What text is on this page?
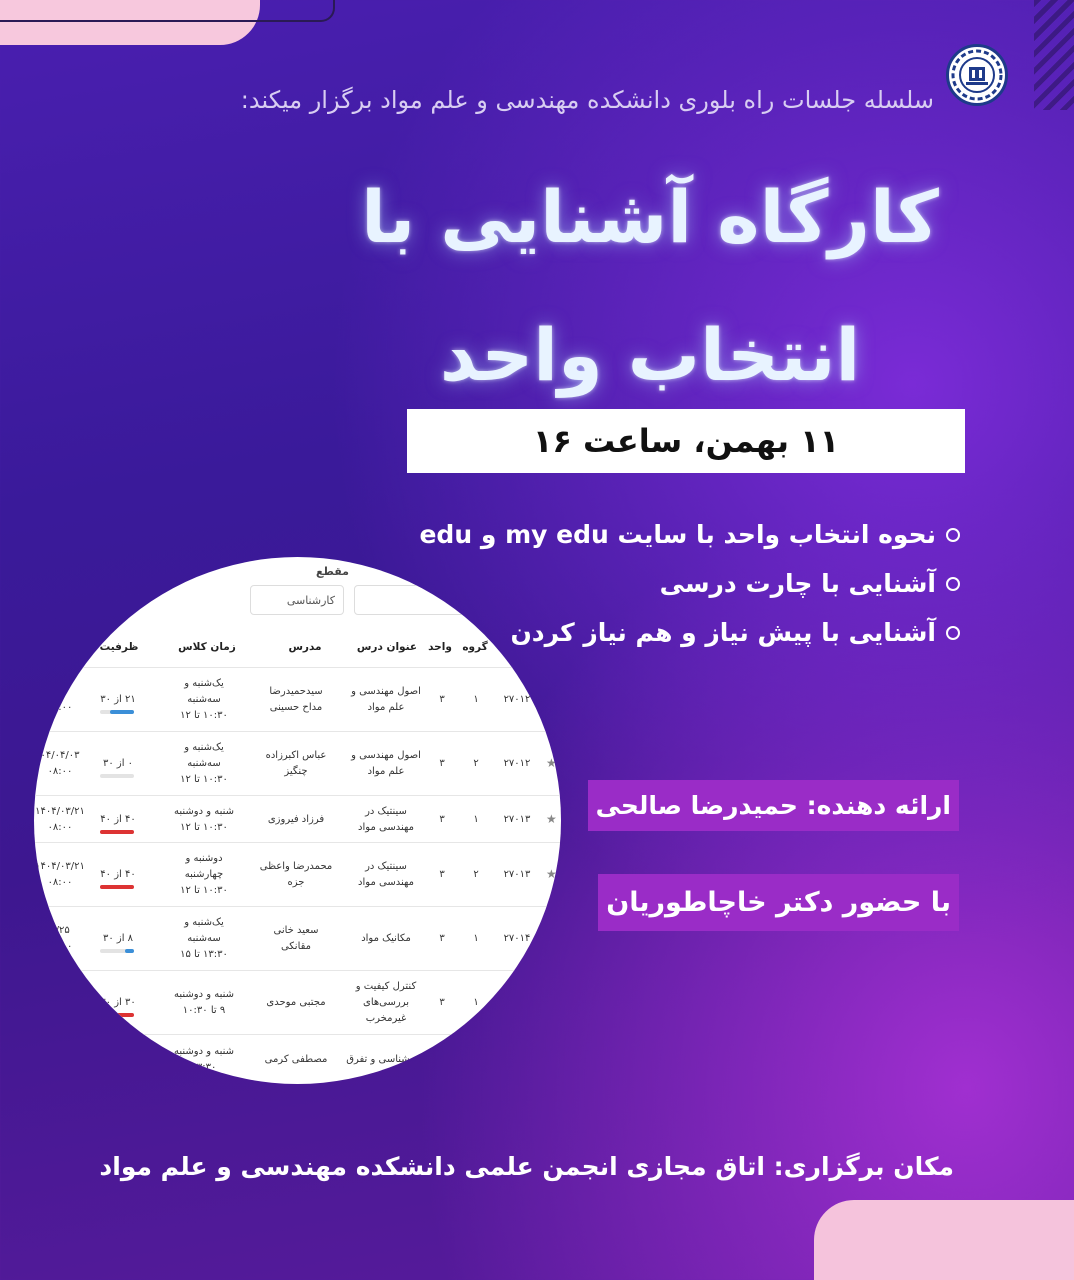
سلسله جلسات راه بلوری دانشکده مهندسی و علم مواد برگزار میکند:
کارگاه آشنایی با
انتخاب واحد
۱۱ بهمن، ساعت ۱۶
نحوه انتخاب واحد با سایت my edu و edu
آشنایی با چارت درسی
آشنایی با پیش نیاز و هم نیاز کردن
ارائه دهنده: حمیدرضا صالحی
با حضور دکتر خاچاطوریان
مکان برگزاری: اتاق مجازی انجمن علمی دانشکده مهندسی و علم مواد
مقطع
کارشناسی
گروه
واحد
عنوان درس
مدرس
زمان کلاس
ظرفیت
۲۷۰۱۲
۱
۳
اصول مهندسی و
علم مواد
سیدحمیدرضا
مداح حسینی
یک‌شنبه و
سه‌شنبه
۱۰:۳۰ تا ۱۲
۲۱ از ۳۰
۰۳
۰۸:۰۰
۲۷۰۱۲
۲
۳
اصول مهندسی و
علم مواد
عباس اکبرزاده
چنگیز
یک‌شنبه و
سه‌شنبه
۱۰:۳۰ تا ۱۲
۰ از ۳۰
۰۴/۰۴/۰۳
۰۸:۰۰
★
۲۷۰۱۳
۱
۳
سینتیک در
مهندسی مواد
فرزاد فیروزی
شنبه و دوشنبه
۱۰:۳۰ تا ۱۲
۴۰ از ۴۰
۱۴۰۴/۰۳/۲۱
۰۸:۰۰
★
۲۷۰۱۳
۲
۳
سینتیک در
مهندسی مواد
محمدرضا واعظی
جزه
دوشنبه و
چهارشنبه
۱۰:۳۰ تا ۱۲
۴۰ از ۴۰
۱۴۰۴/۰۳/۲۱
۰۸:۰۰
★
۲۷۰۱۴
۱
۳
مکانیک مواد
سعید خانی
مقانکی
یک‌شنبه و
سه‌شنبه
۱۳:۳۰ تا ۱۵
۸ از ۳۰
۳/۲۵
۰۸:۰۰
۱
۳
کنترل کیفیت و
بررسی‌های
غیرمخرب
مجتبی موحدی
شنبه و دوشنبه
۹ تا ۱۰:۳۰
۳۰ از ۳۰
بلورشناسی و تفرق
مصطفی کرمی
شنبه و دوشنبه
۱۳:۳۰
